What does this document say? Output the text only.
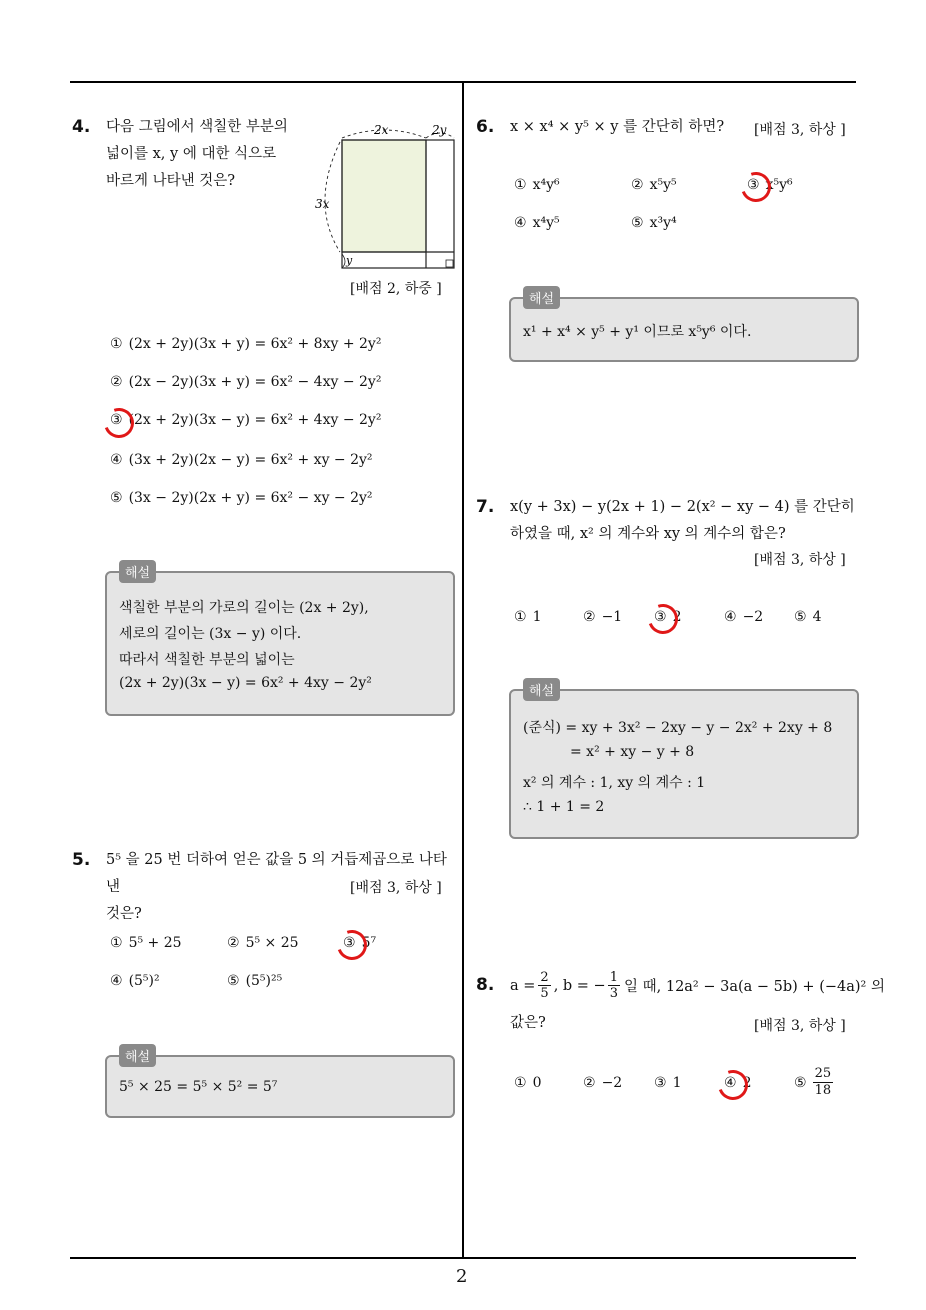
2
4. 다음 그림에서 색칠한 부분의
넓이를 x, y 에 대한 식으로
바르게 나타낸 것은?
2x	2y
3x
y
[배점 2, 하중 ]
① (2x + 2y)(3x + y) = 6x² + 8xy + 2y²
② (2x − 2y)(3x + y) = 6x² − 4xy − 2y²
③ (2x + 2y)(3x − y) = 6x² + 4xy − 2y²
④ (3x + 2y)(2x − y) = 6x² + xy − 2y²
⑤ (3x − 2y)(2x + y) = 6x² − xy − 2y²
해설
색칠한 부분의 가로의 길이는 (2x + 2y),
세로의 길이는 (3x − y) 이다.
따라서 색칠한 부분의 넓이는
(2x + 2y)(3x − y) = 6x² + 4xy − 2y²
5. 5⁵ 을 25 번 더하여 얻은 값을 5 의 거듭제곱으로 나타낸
것은?
[배점 3, 하상 ]
① 5⁵ + 25	② 5⁵ × 25	③ 5⁷
④ (5⁵)²	⑤ (5⁵)²⁵
해설
5⁵ × 25 = 5⁵ × 5² = 5⁷
6. x × x⁴ × y⁵ × y 를 간단히 하면? [배점 3, 하상 ]
① x⁴y⁶	② x⁵y⁵	③ x⁵y⁶
④ x⁴y⁵	⑤ x³y⁴
해설
x¹ + x⁴ × y⁵ + y¹ 이므로 x⁵y⁶ 이다.
7. x(y + 3x) − y(2x + 1) − 2(x² − xy − 4) 를 간단히
하였을 때, x² 의 계수와 xy 의 계수의 합은?
[배점 3, 하상 ]
① 1	② −1 ③ 2	④ −2 ⑤ 4
해설
(준식) = xy + 3x² − 2xy − y − 2x² + 2xy + 8
= x² + xy − y + 8
x² 의 계수 : 1, xy 의 계수 : 1
∴ 1 + 1 = 2
8. $a = \frac{2}{5}$ , b = − $\frac{1}{3}$ 일 때, 12a² − 3a(a − 5b) + (−4a)² 의
값은?	[배점 3, 하상 ]
① 0	② −2 ③ 1	④ 2	⑤
25
18
